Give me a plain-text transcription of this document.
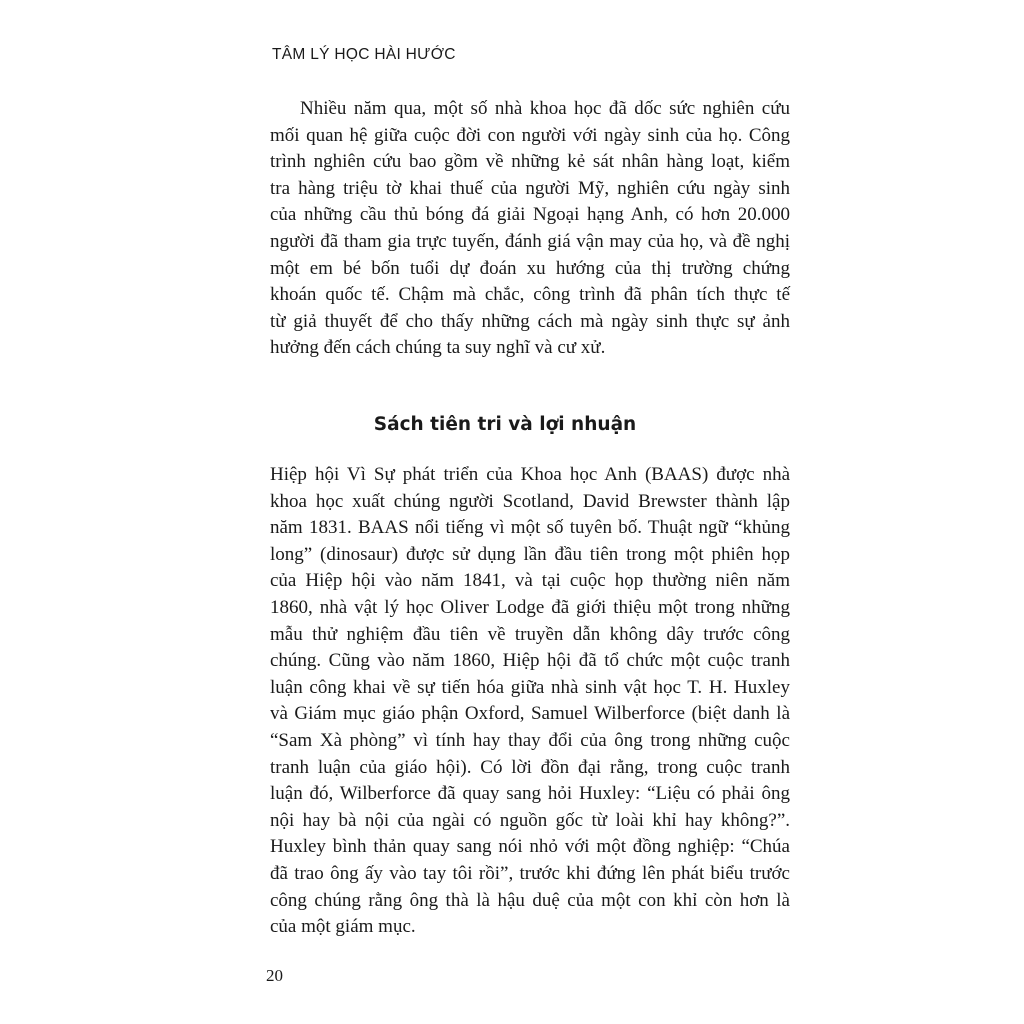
TÂM LÝ HỌC HÀI HƯỚC
Nhiều năm qua, một số nhà khoa học đã dốc sức nghiên cứu
mối quan hệ giữa cuộc đời con người với ngày sinh của họ. Công
trình nghiên cứu bao gồm về những kẻ sát nhân hàng loạt, kiểm
tra hàng triệu tờ khai thuế của người Mỹ, nghiên cứu ngày sinh
của những cầu thủ bóng đá giải Ngoại hạng Anh, có hơn 20.000
người đã tham gia trực tuyến, đánh giá vận may của họ, và đề nghị
một em bé bốn tuổi dự đoán xu hướng của thị trường chứng
khoán quốc tế. Chậm mà chắc, công trình đã phân tích thực tế
từ giả thuyết để cho thấy những cách mà ngày sinh thực sự ảnh
hưởng đến cách chúng ta suy nghĩ và cư xử.
Sách tiên tri và lợi nhuận
Hiệp hội Vì Sự phát triển của Khoa học Anh (BAAS) được nhà
khoa học xuất chúng người Scotland, David Brewster thành lập
năm 1831. BAAS nổi tiếng vì một số tuyên bố. Thuật ngữ “khủng
long” (dinosaur) được sử dụng lần đầu tiên trong một phiên họp
của Hiệp hội vào năm 1841, và tại cuộc họp thường niên năm
1860, nhà vật lý học Oliver Lodge đã giới thiệu một trong những
mẫu thử nghiệm đầu tiên về truyền dẫn không dây trước công
chúng. Cũng vào năm 1860, Hiệp hội đã tổ chức một cuộc tranh
luận công khai về sự tiến hóa giữa nhà sinh vật học T. H. Huxley
và Giám mục giáo phận Oxford, Samuel Wilberforce (biệt danh là
“Sam Xà phòng” vì tính hay thay đổi của ông trong những cuộc
tranh luận của giáo hội). Có lời đồn đại rằng, trong cuộc tranh
luận đó, Wilberforce đã quay sang hỏi Huxley: “Liệu có phải ông
nội hay bà nội của ngài có nguồn gốc từ loài khỉ hay không?”.
Huxley bình thản quay sang nói nhỏ với một đồng nghiệp: “Chúa
đã trao ông ấy vào tay tôi rồi”, trước khi đứng lên phát biểu trước
công chúng rằng ông thà là hậu duệ của một con khỉ còn hơn là
của một giám mục.
20
